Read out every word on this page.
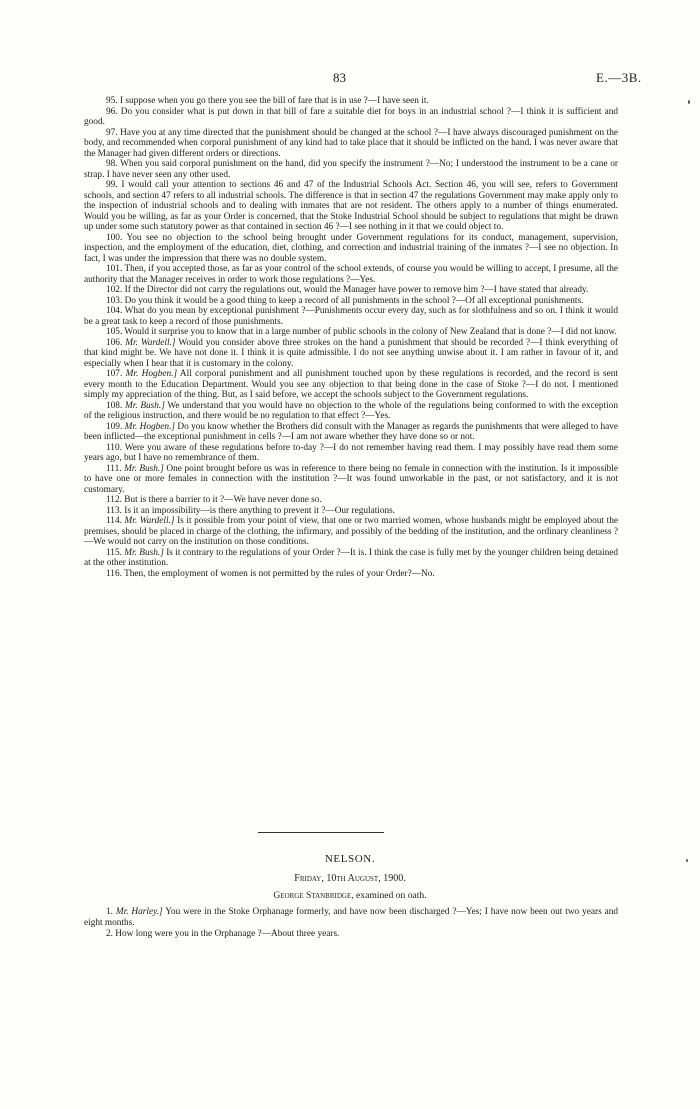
83	E.—3B.

95. I suppose when you go there you see the bill of fare that is in use ?—I have seen it.

96. Do you consider what is put down in that bill of fare a suitable diet for boys in an industrial school ?—I think it is sufficient and good.

97. Have you at any time directed that the punishment should be changed at the school ?—I have always discouraged punishment on the body, and recommended when corporal punishment of any kind had to take place that it should be inflicted on the hand. I was never aware that the Manager had given different orders or directions.

98. When you said corporal punishment on the hand, did you specify the instrument ?—No; I understood the instrument to be a cane or strap. I have never seen any other used.

99. I would call your attention to sections 46 and 47 of the Industrial Schools Act. Section 46, you will see, refers to Government schools, and section 47 refers to all industrial schools. The difference is that in section 47 the regulations Government may make apply only to the inspection of industrial schools and to dealing with inmates that are not resident. The others apply to a number of things enumerated. Would you be willing, as far as your Order is concerned, that the Stoke Industrial School should be subject to regulations that might be drawn up under some such statutory power as that contained in section 46 ?—I see nothing in it that we could object to.

100. You see no objection to the school being brought under Government regulations for its conduct, management, supervision, inspection, and the employment of the education, diet, clothing, and correction and industrial training of the inmates ?—I see no objection. In fact, I was under the impression that there was no double system.

101. Then, if you accepted those, as far as your control of the school extends, of course you would be willing to accept, I presume, all the authority that the Manager receives in order to work those regulations ?—Yes.

102. If the Director did not carry the regulations out, would the Manager have power to remove him ?—I have stated that already.

103. Do you think it would be a good thing to keep a record of all punishments in the school ?—Of all exceptional punishments.

104. What do you mean by exceptional punishment ?—Punishments occur every day, such as for slothfulness and so on. I think it would be a great task to keep a record of those punishments.

105. Would it surprise you to know that in a large number of public schools in the colony of New Zealand that is done ?—I did not know.

106. Mr. Wardell.] Would you consider above three strokes on the hand a punishment that should be recorded ?—I think everything of that kind might be. We have not done it. I think it is quite admissible. I do not see anything unwise about it. I am rather in favour of it, and especially when I hear that it is customary in the colony.

107. Mr. Hogben.] All corporal punishment and all punishment touched upon by these regulations is recorded, and the record is sent every month to the Education Department. Would you see any objection to that being done in the case of Stoke ?—I do not. I mentioned simply my appreciation of the thing. But, as I said before, we accept the schools subject to the Government regulations.

108. Mr. Bush.] We understand that you would have no objection to the whole of the regulations being conformed to with the exception of the religious instruction, and there would be no regulation to that effect ?—Yes.

109. Mr. Hogben.] Do you know whether the Brothers did consult with the Manager as regards the punishments that were alleged to have been inflicted—the exceptional punishment in cells ?—I am not aware whether they have done so or not.

110. Were you aware of these regulations before to-day ?—I do not remember having read them. I may possibly have read them some years ago, but I have no remembrance of them.

111. Mr. Bush.] One point brought before us was in reference to there being no female in connection with the institution. Is it impossible to have one or more females in connection with the institution ?—It was found unworkable in the past, or not satisfactory, and it is not customary.

112. But is there a barrier to it ?—We have never done so.

113. Is it an impossibility—is there anything to prevent it ?—Our regulations.

114. Mr. Wardell.] Is it possible from your point of view, that one or two married women, whose husbands might be employed about the premises, should be placed in charge of the clothing, the infirmary, and possibly of the bedding of the institution, and the ordinary cleanliness ?—We would not carry on the institution on those conditions.

115. Mr. Bush.] Is it contrary to the regulations of your Order ?—It is. I think the case is fully met by the younger children being detained at the other institution.

116. Then, the employment of women is not permitted by the rules of your Order?—No.

NELSON.
Friday, 10th August, 1900.
George Stanbridge, examined on oath.

1. Mr. Harley.] You were in the Stoke Orphanage formerly, and have now been discharged ?—Yes; I have now been out two years and eight months.

2. How long were you in the Orphanage ?—About three years.
